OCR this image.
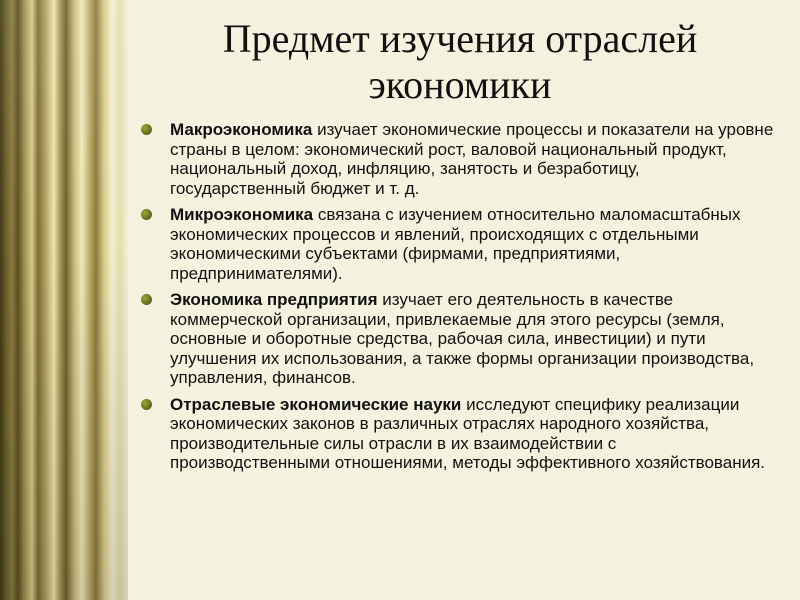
Предмет изучения отраслей экономики
Макроэкономика изучает экономические процессы и показатели на уровне страны в целом: экономический рост, валовой национальный продукт, национальный доход, инфляцию, занятость и безработицу, государственный бюджет и т. д.
Микроэкономика связана с изучением относительно маломасштабных экономических процессов и явлений, происходящих с отдельными экономическими субъектами (фирмами, предприятиями, предпринимателями).
Экономика предприятия изучает его деятельность в качестве коммерческой организации, привлекаемые для этого ресурсы (земля, основные и оборотные средства, рабочая сила, инвестиции) и пути улучшения их использования, а также формы организации производства, управления, финансов.
Отраслевые экономические науки исследуют специфику реализации экономических законов в различных отраслях народного хозяйства, производительные силы отрасли в их взаимодействии с производственными отношениями, методы эффективного хозяйствования.
